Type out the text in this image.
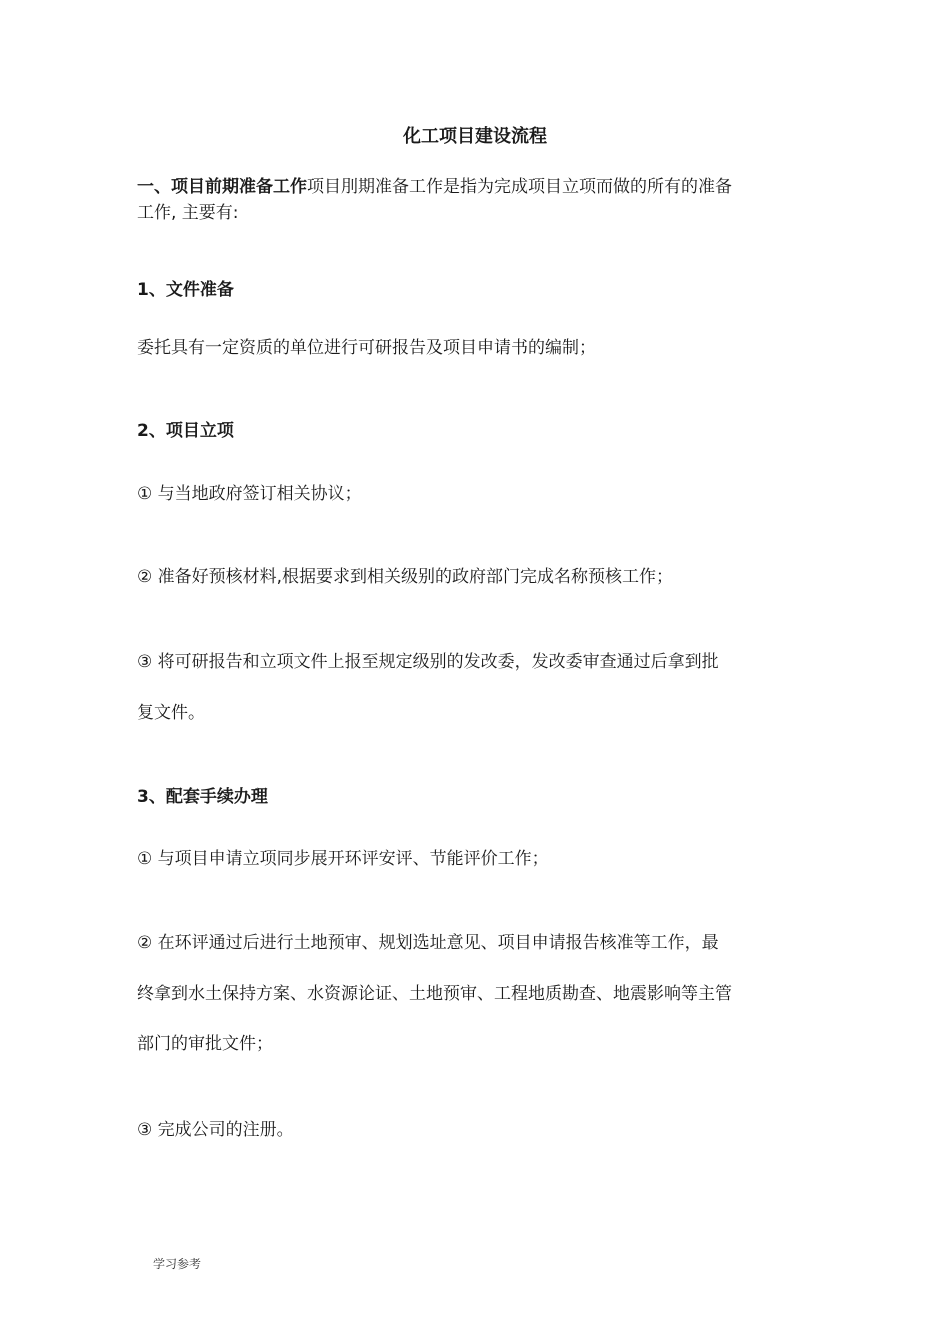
化工项目建设流程
一、项目前期准备工作项目刖期准备工作是指为完成项目立项而做的所有的准备
工作, 主要有:
1、文件准备
委托具有一定资质的单位进行可研报告及项目申请书的编制；
2、项目立项
① 与当地政府签订相关协议；
② 准备好预核材料,根据要求到相关级别的政府部门完成名称预核工作；
③ 将可研报告和立项文件上报至规定级别的发改委，发改委审查通过后拿到批
复文件。
3、配套手续办理
① 与项目申请立项同步展开环评安评、节能评价工作；
② 在环评通过后进行土地预审、规划选址意见、项目申请报告核准等工作，最
终拿到水土保持方案、水资源论证、土地预审、工程地质勘查、地震影响等主管
部门的审批文件；
③ 完成公司的注册。
学习参考
